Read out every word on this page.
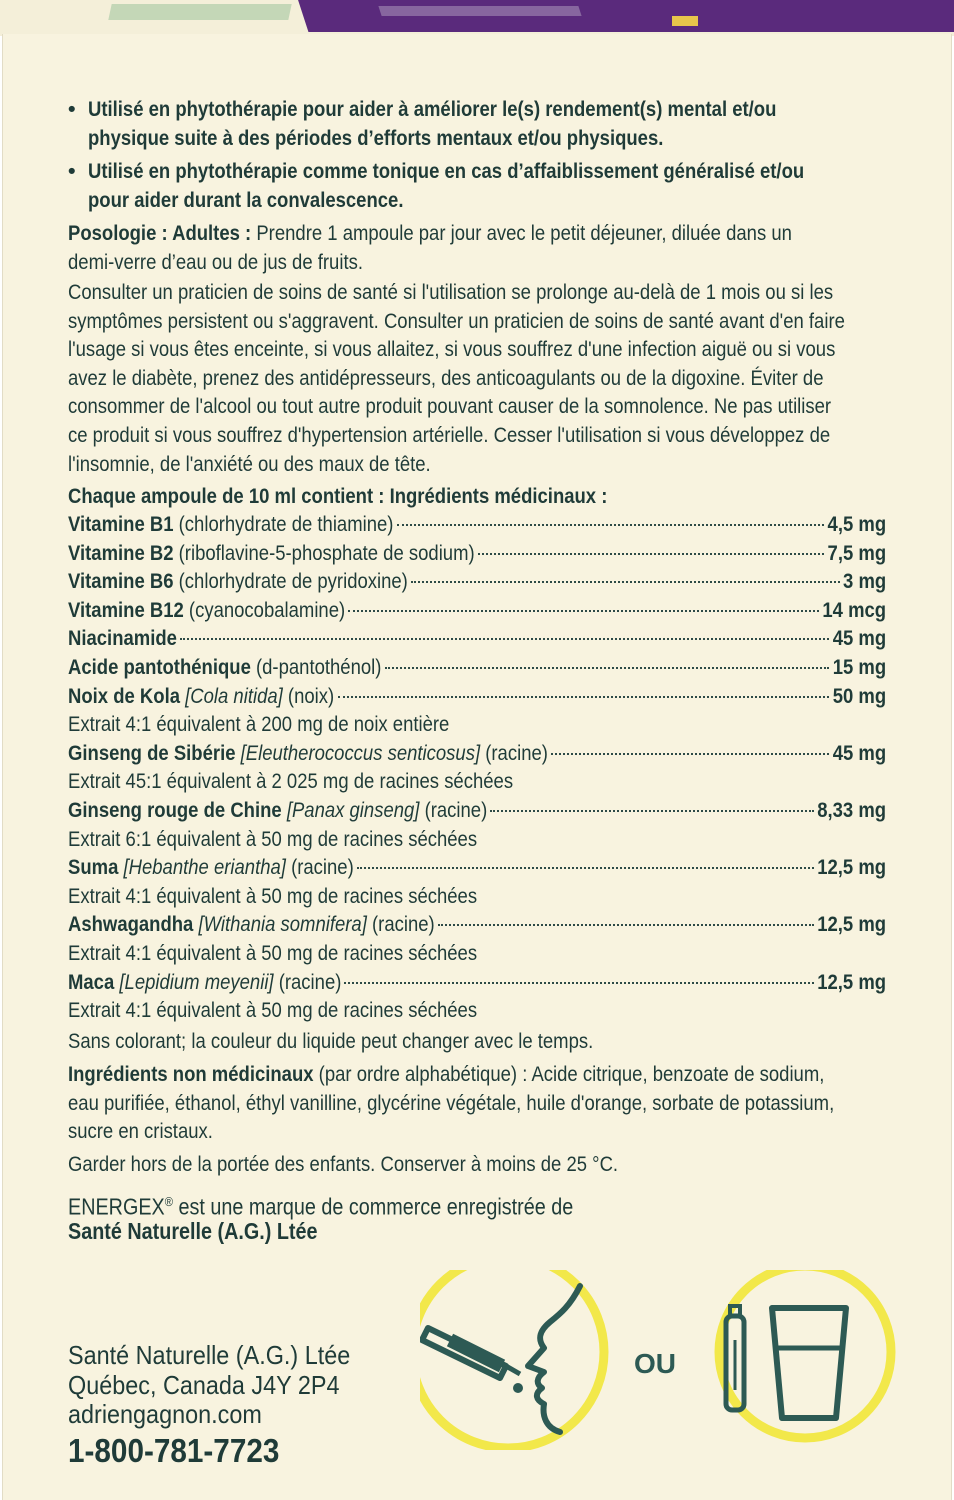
• Utilisé en phytothérapie pour aider à améliorer le(s) rendement(s) mental et/ou
physique suite à des périodes d’efforts mentaux et/ou physiques.
• Utilisé en phytothérapie comme tonique en cas d’affaiblissement généralisé et/ou
pour aider durant la convalescence.
Posologie : Adultes : Prendre 1 ampoule par jour avec le petit déjeuner, diluée dans un
demi-verre d’eau ou de jus de fruits.
Consulter un praticien de soins de santé si l'utilisation se prolonge au-delà de 1 mois ou si les
symptômes persistent ou s'aggravent. Consulter un praticien de soins de santé avant d'en faire
l'usage si vous êtes enceinte, si vous allaitez, si vous souffrez d'une infection aiguë ou si vous
avez le diabète, prenez des antidépresseurs, des anticoagulants ou de la digoxine. Éviter de
consommer de l'alcool ou tout autre produit pouvant causer de la somnolence. Ne pas utiliser
ce produit si vous souffrez d'hypertension artérielle. Cesser l'utilisation si vous développez de
l'insomnie, de l'anxiété ou des maux de tête.
Chaque ampoule de 10 ml contient : Ingrédients médicinaux :
Vitamine B1 (chlorhydrate de thiamine)	4,5 mg
Vitamine B2 (riboflavine-5-phosphate de sodium)	7,5 mg
Vitamine B6 (chlorhydrate de pyridoxine)	3 mg
Vitamine B12 (cyanocobalamine)	14 mcg
Niacinamide	45 mg
Acide pantothénique (d-pantothénol)	15 mg
Noix de Kola [Cola nitida] (noix)	50 mg
Extrait 4:1 équivalent à 200 mg de noix entière
Ginseng de Sibérie [Eleutherococcus senticosus] (racine)	45 mg
Extrait 45:1 équivalent à 2 025 mg de racines séchées
Ginseng rouge de Chine [Panax ginseng] (racine)	8,33 mg
Extrait 6:1 équivalent à 50 mg de racines séchées
Suma [Hebanthe eriantha] (racine)	12,5 mg
Extrait 4:1 équivalent à 50 mg de racines séchées
Ashwagandha [Withania somnifera] (racine)	12,5 mg
Extrait 4:1 équivalent à 50 mg de racines séchées
Maca [Lepidium meyenii] (racine)	12,5 mg
Extrait 4:1 équivalent à 50 mg de racines séchées
Sans colorant; la couleur du liquide peut changer avec le temps.
Ingrédients non médicinaux (par ordre alphabétique) : Acide citrique, benzoate de sodium,
eau purifiée, éthanol, éthyl vanilline, glycérine végétale, huile d'orange, sorbate de potassium,
sucre en cristaux.
Garder hors de la portée des enfants. Conserver à moins de 25 °C.
ENERGEX® est une marque de commerce enregistrée de
Santé Naturelle (A.G.) Ltée
Santé Naturelle (A.G.) Ltée
Québec, Canada J4Y 2P4
adriengagnon.com
1-800-781-7723
OU
